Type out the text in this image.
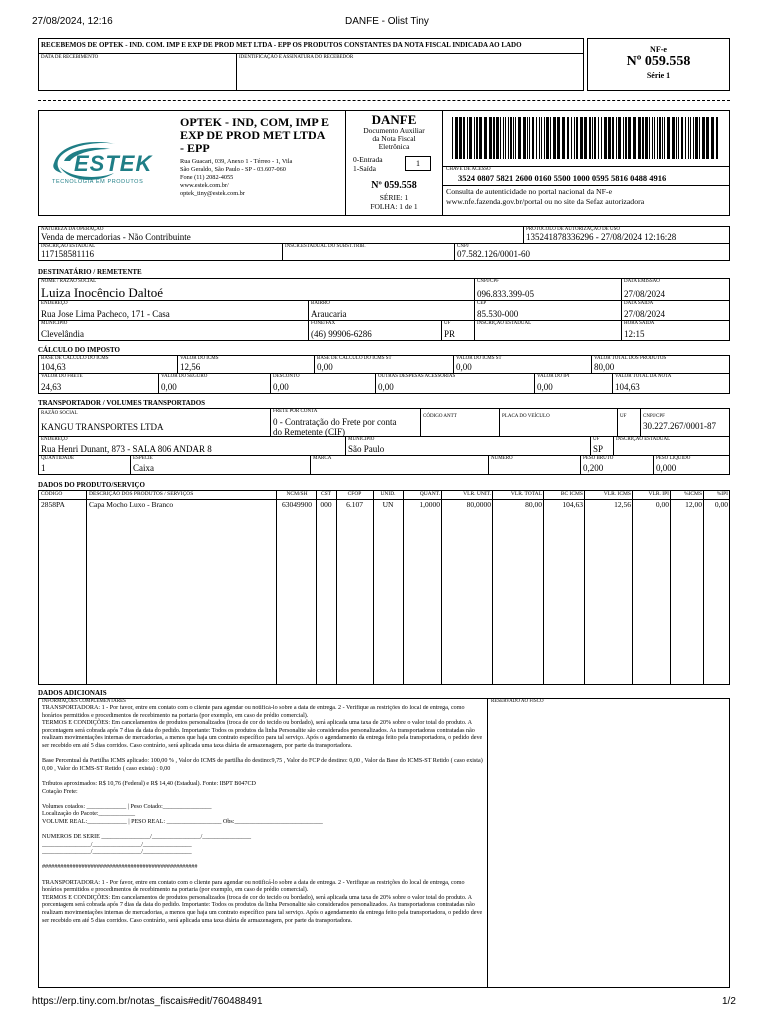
27/08/2024, 12:16	DANFE - Olist Tiny
RECEBEMOS DE OPTEK - IND. COM. IMP E EXP DE PROD MET LTDA - EPP OS PRODUTOS CONSTANTES DA NOTA FISCAL INDICADA AO LADO
DATA DE RECEBIMENTO	IDENTIFICAÇÃO E ASSINATURA DO RECEBEDOR
NF-e
Nº 059.558
Série 1
ESTEK
TECNOLOGIA EM PRODUTOS
OPTEK - IND, COM, IMP E EXP DE PROD MET LTDA - EPP
Rua Guacari, 039, Anexo 1 - Térreo - 1, Vila
São Geraldo, São Paulo - SP - 03.607-060
Fone (11) 2082-4055
www.estek.com.br/
optek_tiny@estek.com.br
DANFE
Documento Auxiliar
da Nota Fiscal
Eletrônica
0-Entrada
1-Saída
1
Nº 059.558
SÉRIE: 1
FOLHA: 1 de 1
CHAVE DE ACESSO
3524 0807 5821 2600 0160 5500 1000 0595 5816 0488 4916
Consulta de autenticidade no portal nacional da NF-e
www.nfe.fazenda.gov.br/portal ou no site da Sefaz autorizadora
NATUREZA DA OPERAÇÃO
Venda de mercadorias - Não Contribuinte
PROTOCOLO DE AUTORIZAÇÃO DE USO
135241878336296 - 27/08/2024 12:16:28
INSCRIÇÃO ESTADUAL
117158581116
INSCR.ESTADUAL DO SUBST.TRIB.	CNPJ
07.582.126/0001-60
DESTINATÁRIO / REMETENTE
NOME / RAZÃO SOCIAL
Luiza Inocêncio Daltoé
CNPJ/CPF
096.833.399-05
DATA EMISSÃO
27/08/2024
ENDEREÇO
Rua Jose Lima Pacheco, 171 - Casa
BAIRRO
Araucaria
CEP
85.530-000
DATA SAÍDA
27/08/2024
MUNICÍPIO
Clevelândia
FONE/FAX
(46) 99906-6286
UF
PR
INSCRIÇÃO ESTADUAL	HORA SAÍDA
12:15
CÁLCULO DO IMPOSTO
BASE DE CÁLCULO DO ICMS
104,63
VALOR DO ICMS
12,56
BASE DE CÁLCULO DO ICMS ST
0,00
VALOR DO ICMS ST
0,00
VALOR TOTAL DOS PRODUTOS
80,00
VALOR DO FRETE
24,63
VALOR DO SEGURO
0,00
DESCONTO
0,00
OUTRAS DESPESAS ACESSÓRIAS
0,00
VALOR DO IPI
0,00
VALOR TOTAL DA NOTA
104,63
TRANSPORTADOR / VOLUMES TRANSPORTADOS
RAZÃO SOCIAL
KANGU TRANSPORTES LTDA
FRETE POR CONTA
0 - Contratação do Frete por conta
do Remetente (CIF)
CÓDIGO ANTT	PLACA DO VEÍCULO	UF	CNPJ/CPF
30.227.267/0001-87
ENDEREÇO
Rua Henri Dunant, 873 - SALA 806 ANDAR 8
MUNICÍPIO
São Paulo
UF
SP
INSCRIÇÃO ESTADUAL
QUANTIDADE
1
ESPÉCIE
Caixa
MARCA	NÚMERO	PESO BRUTO
0,200
PESO LÍQUIDO
0,000
DADOS DO PRODUTO/SERVIÇO
CÓDIGO	DESCRIÇÃO DOS PRODUTOS / SERVIÇOS	NCM/SH	CST	CFOP	UNID.	QUANT.	VLR. UNIT.	VLR. TOTAL	BC ICMS	VLR. ICMS	VLR. IPI	%ICMS	%IPI
2858PA	Capa Mocho Luxo - Branco	63049900	000	6.107	UN	1,0000	80,0000	80,00	104,63	12,56	0,00	12,00	0,00
DADOS ADICIONAIS
INFORMAÇÕES COMPLEMENTARES	RESERVADO AO FISCO
TRANSPORTADORA: 1 - Por favor, entre em contato com o cliente para agendar ou notificá-lo sobre a data de entrega. 2 - Verifique as restrições do local de entrega, como horários permitidos e procedimentos de recebimento na portaria (por exemplo, em caso de prédio comercial).
TERMOS E CONDIÇÕES: Em cancelamentos de produtos personalizados (troca de cor do tecido ou bordado), será aplicada uma taxa de 20% sobre o valor total do produto. A porcentagem será cobrada após 7 dias da data do pedido. Importante: Todos os produtos da linha Personalite são considerados personalizados. As transportadoras contratadas não realizam movimentações internas de mercadorias, a menos que haja um contrato específico para tal serviço. Após o agendamento da entrega feito pela transportadora, o pedido deve ser recebido em até 5 dias corridos. Caso contrário, será aplicada uma taxa diária de armazenagem, por parte da transportadora.

Base Percentual da Partilha ICMS aplicado: 100,00 % , Valor do ICMS de partilha do destino:9,75 , Valor do FCP de destino: 0,00 , Valor da Base do ICMS-ST Retido ( caso exista) 0,00 , Valor do ICMS-ST Retido ( caso exista) : 0,00

Tributos aproximados: R$ 10,76 (Federal) e R$ 14,40 (Estadual). Fonte: IBPT B047CD
Cotação Frete:

Volumes cotados: _____________ | Peso Cotado:________________
Localização do Pacote:____________
VOLUME REAL:_____________ | PESO REAL: __________________ Obs:_____________________________

NUMEROS DE SERIE ________________/________________/________________
________________/________________/________________
________________/________________/________________

###################################################

TRANSPORTADORA: 1 - Por favor, entre em contato com o cliente para agendar ou notificá-lo sobre a data de entrega. 2 - Verifique as restrições do local de entrega, como horários permitidos e procedimentos de recebimento na portaria (por exemplo, em caso de prédio comercial).
TERMOS E CONDIÇÕES: Em cancelamentos de produtos personalizados (troca de cor do tecido ou bordado), será aplicada uma taxa de 20% sobre o valor total do produto. A porcentagem será cobrada após 7 dias da data do pedido. Importante: Todos os produtos da linha Personalite são considerados personalizados. As transportadoras contratadas não realizam movimentações internas de mercadorias, a menos que haja um contrato específico para tal serviço. Após o agendamento da entrega feito pela transportadora, o pedido deve ser recebido em até 5 dias corridos. Caso contrário, será aplicada uma taxa diária de armazenagem, por parte da transportadora.
https://erp.tiny.com.br/notas_fiscais#edit/760488491	1/2
